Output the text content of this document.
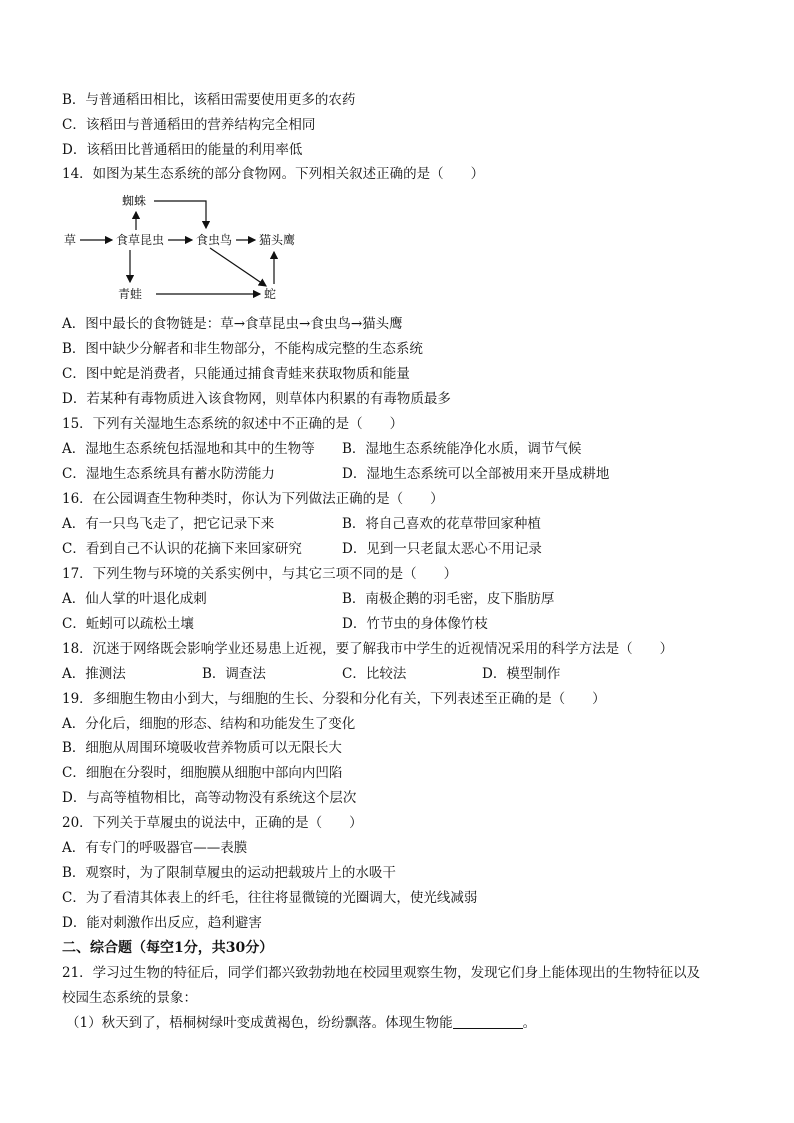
B．与普通稻田相比，该稻田需要使用更多的农药
C．该稻田与普通稻田的营养结构完全相同
D．该稻田比普通稻田的能量的利用率低
14．如图为某生态系统的部分食物网。下列相关叙述正确的是（　　）
草	食草昆虫
蜘蛛
食虫鸟 猫头鹰
青蛙	蛇
A．图中最长的食物链是：草→食草昆虫→食虫鸟→猫头鹰
B．图中缺少分解者和非生物部分，不能构成完整的生态系统
C．图中蛇是消费者，只能通过捕食青蛙来获取物质和能量
D．若某种有毒物质进入该食物网，则草体内积累的有毒物质最多
15．下列有关湿地生态系统的叙述中不正确的是（　　）
A．湿地生态系统包括湿地和其中的生物等 B．湿地生态系统能净化水质，调节气候
C．湿地生态系统具有蓄水防涝能力	D．湿地生态系统可以全部被用来开垦成耕地
16．在公园调查生物种类时，你认为下列做法正确的是（　　）
A．有一只鸟飞走了，把它记录下来	B．将自己喜欢的花草带回家种植
C．看到自己不认识的花摘下来回家研究	D．见到一只老鼠太恶心不用记录
17．下列生物与环境的关系实例中，与其它三项不同的是（　　）
A．仙人掌的叶退化成刺	B．南极企鹅的羽毛密，皮下脂肪厚
C．蚯蚓可以疏松土壤	D．竹节虫的身体像竹枝
18．沉迷于网络既会影响学业还易患上近视，要了解我市中学生的近视情况采用的科学方法是（　　）
A．推测法	B．调查法	C．比较法	D．模型制作
19．多细胞生物由小到大，与细胞的生长、分裂和分化有关，下列表述至正确的是（　　）
A．分化后，细胞的形态、结构和功能发生了变化
B．细胞从周围环境吸收营养物质可以无限长大
C．细胞在分裂时，细胞膜从细胞中部向内凹陷
D．与高等植物相比，高等动物没有系统这个层次
20．下列关于草履虫的说法中，正确的是（　　）
A．有专门的呼吸器官——表膜
B．观察时，为了限制草履虫的运动把载玻片上的水吸干
C．为了看清其体表上的纤毛，往往将显微镜的光圈调大，使光线减弱
D．能对刺激作出反应，趋利避害
二、综合题（每空1分，共30分）
21．学习过生物的特征后，同学们都兴致勃勃地在校园里观察生物，发现它们身上能体现出的生物特征以及
校园生态系统的景象：
（1）秋天到了，梧桐树绿叶变成黄褐色，纷纷飘落。体现生物能	。
